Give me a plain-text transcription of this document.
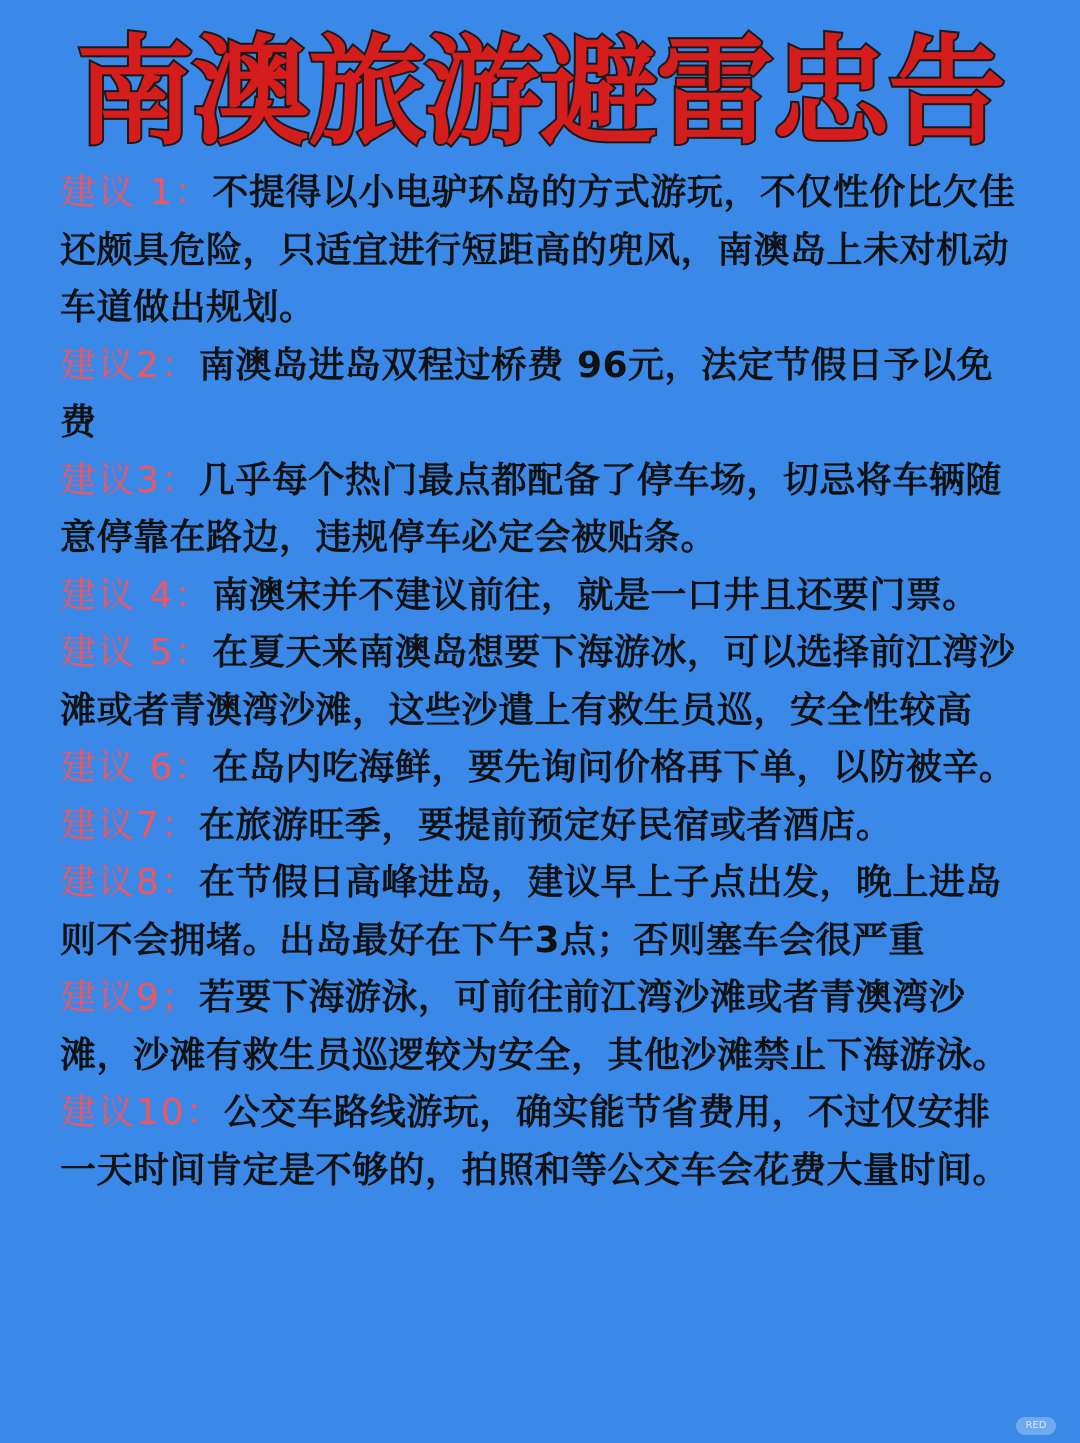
南澳旅游避雷忠告
建议 1：不提得以小电驴环岛的方式游玩，不仅性价比欠佳还颇具危险，只适宜进行短距高的兜风，南澳岛上未对机动车道做出规划。
建议2：南澳岛进岛双程过桥费 96元，法定节假日予以免费
建议3：几乎每个热门最点都配备了停车场，切忌将车辆随意停靠在路边，违规停车必定会被贴条。
建议 4：南澳宋并不建议前往，就是一口井且还要门票。
建议 5：在夏天来南澳岛想要下海游冰，可以选择前江湾沙滩或者青澳湾沙滩，这些沙遣上有救生员巡，安全性较高
建议 6：在岛内吃海鲜，要先询问价格再下单，以防被辛。
建议7：在旅游旺季，要提前预定好民宿或者酒店。
建议8：在节假日高峰进岛，建议早上子点出发，晚上进岛则不会拥堵。出岛最好在下午3点；否则塞车会很严重
建议9；若要下海游泳，可前往前江湾沙滩或者青澳湾沙滩，沙滩有救生员巡逻较为安全，其他沙滩禁止下海游泳。
建议10：公交车路线游玩，确实能节省费用，不过仅安排一天时间肯定是不够的，拍照和等公交车会花费大量时间。
RED
